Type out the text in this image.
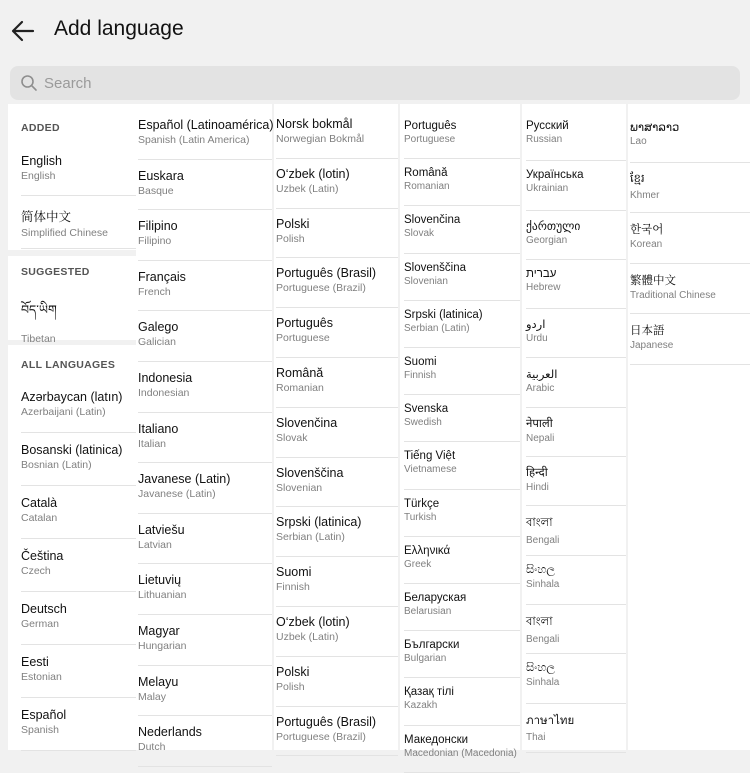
Add language
Search
ADDED
English
English
简体中文
Simplified Chinese
SUGGESTED
བོད་ཡིག
Tibetan
ALL LANGUAGES
Azərbaycan (latın)
Azerbaijani (Latin)
Bosanski (latinica)
Bosnian (Latin)
Català
Catalan
Čeština
Czech
Deutsch
German
Eesti
Estonian
Español
Spanish
Español (Latinoamérica)
Spanish (Latin America)
Euskara
Basque
Filipino
Filipino
Français
French
Galego
Galician
Indonesia
Indonesian
Italiano
Italian
Javanese (Latin)
Javanese (Latin)
Latviešu
Latvian
Lietuvių
Lithuanian
Magyar
Hungarian
Melayu
Malay
Nederlands
Dutch
Norsk bokmål
Norwegian Bokmål
O‘zbek (lotin)
Uzbek (Latin)
Polski
Polish
Português (Brasil)
Portuguese (Brazil)
Português
Portuguese
Română
Romanian
Slovenčina
Slovak
Slovenščina
Slovenian
Srpski (latinica)
Serbian (Latin)
Suomi
Finnish
O‘zbek (lotin)
Uzbek (Latin)
Polski
Polish
Português (Brasil)
Portuguese (Brazil)
Português
Portuguese
Română
Romanian
Slovenčina
Slovak
Slovenščina
Slovenian
Srpski (latinica)
Serbian (Latin)
Suomi
Finnish
Svenska
Swedish
Tiếng Việt
Vietnamese
Türkçe
Turkish
Ελληνικά
Greek
Беларуская
Belarusian
Български
Bulgarian
Қазақ тілі
Kazakh
Македонски
Macedonian (Macedonia)
Русский
Russian
Українська
Ukrainian
ქართული
Georgian
עברית
Hebrew
اردو
Urdu
العربية
Arabic
नेपाली
Nepali
हिन्दी
Hindi
বাংলা
Bengali
සිංහල
Sinhala
বাংলা
Bengali
සිංහල
Sinhala
ภาษาไทย
Thai
ພາສາລາວ
Lao
ខ្មែរ
Khmer
한국어
Korean
繁體中文
Traditional Chinese
日本語
Japanese
